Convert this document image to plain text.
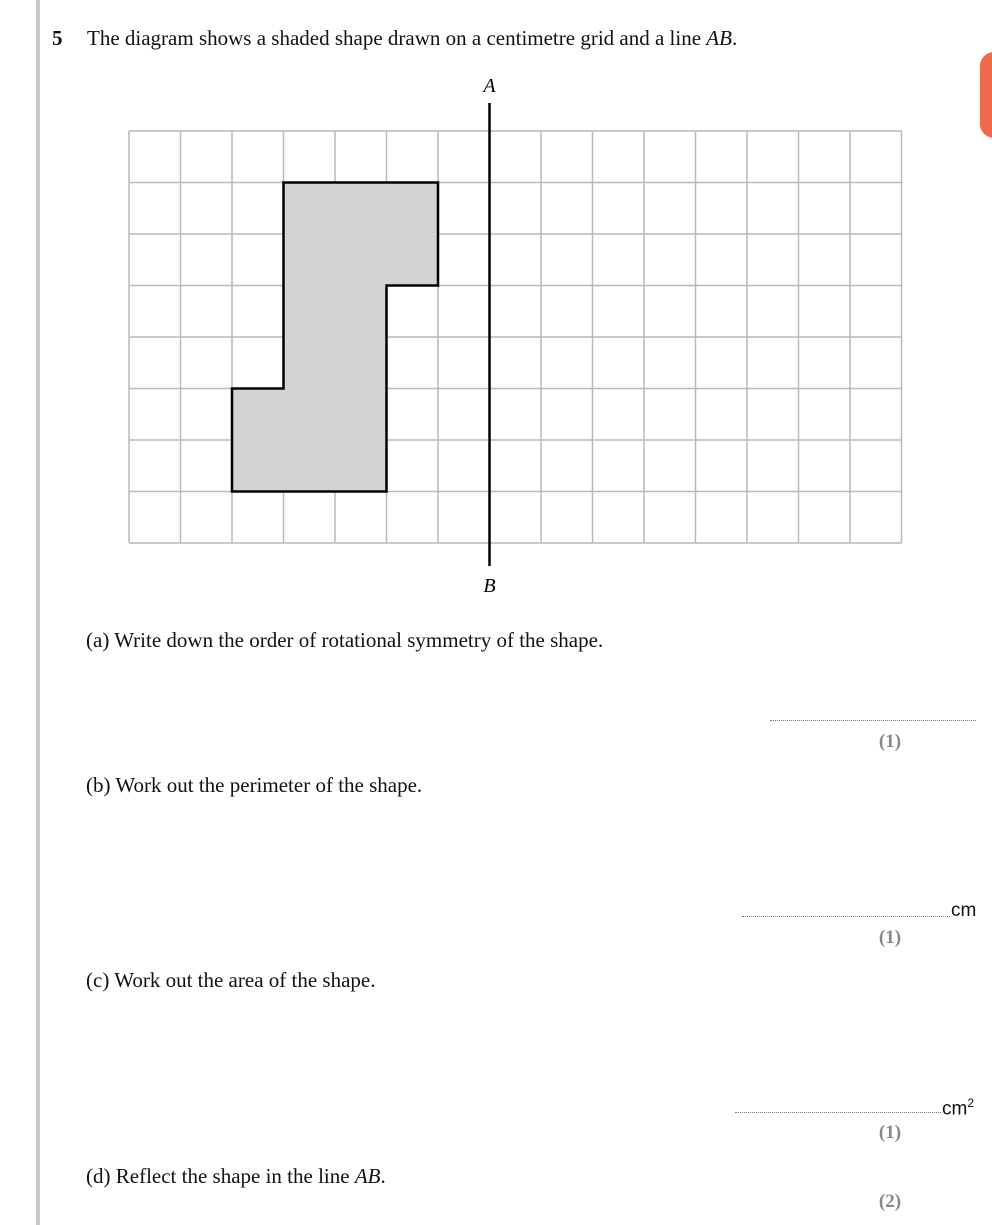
5 The diagram shows a shaded shape drawn on a centimetre grid and a line AB.
A
B
(a) Write down the order of rotational symmetry of the shape.
(1)
(b) Work out the perimeter of the shape.
cm
(1)
(c) Work out the area of the shape.
$cm^2$
(1)
(d) Reflect the shape in the line AB.
(2)
